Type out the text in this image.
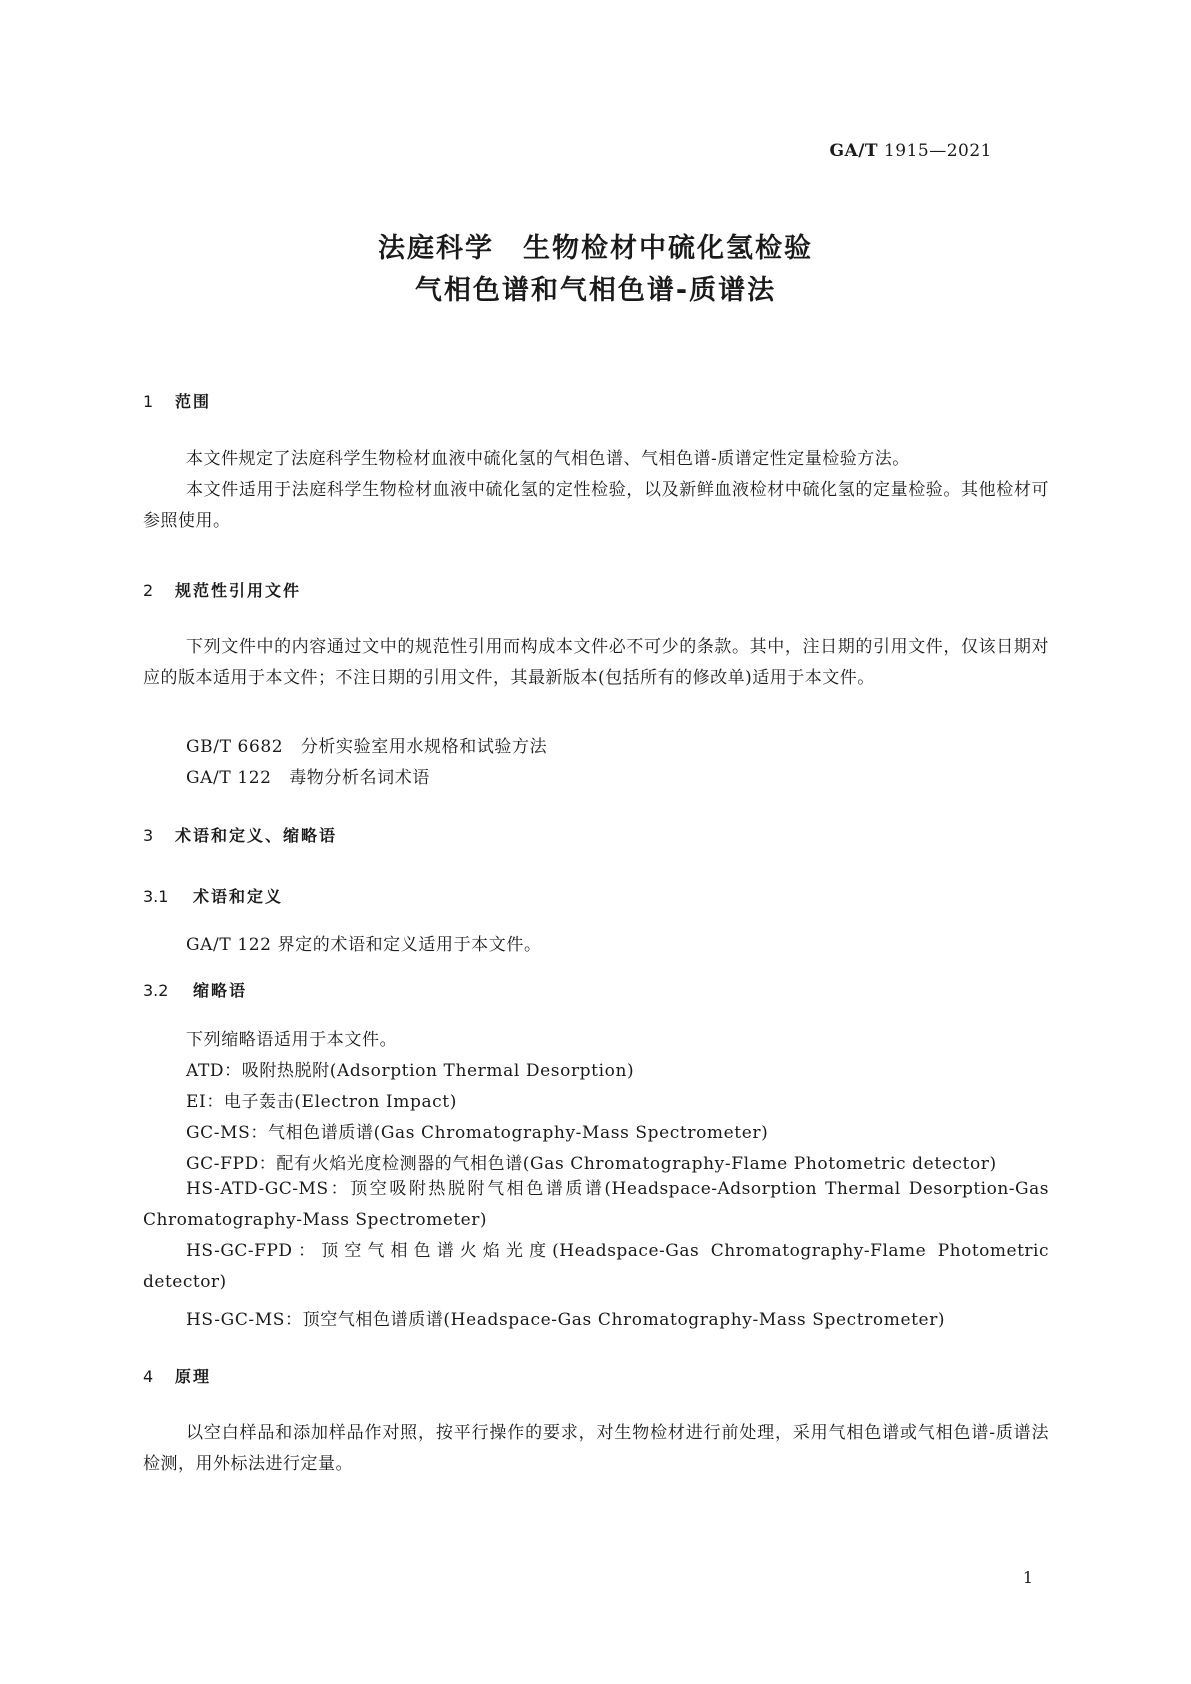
GA/T 1915—2021
法庭科学　生物检材中硫化氢检验
气相色谱和气相色谱-质谱法
1 范围
本文件规定了法庭科学生物检材血液中硫化氢的气相色谱、气相色谱-质谱定性定量检验方法。
本文件适用于法庭科学生物检材血液中硫化氢的定性检验，以及新鲜血液检材中硫化氢的定量检验。其他检材可参照使用。
2 规范性引用文件
下列文件中的内容通过文中的规范性引用而构成本文件必不可少的条款。其中，注日期的引用文件，仅该日期对应的版本适用于本文件；不注日期的引用文件，其最新版本(包括所有的修改单)适用于本文件。
GB/T 6682　 分析实验室用水规格和试验方法
GA/T 122　 毒物分析名词术语
3 术语和定义、缩略语
3.1 术语和定义
GA/T 122 界定的术语和定义适用于本文件。
3.2 缩略语
下列缩略语适用于本文件。
ATD：吸附热脱附(Adsorption Thermal Desorption)
EI：电子轰击(Electron Impact)
GC-MS：气相色谱质谱(Gas Chromatography-Mass Spectrometer)
GC-FPD：配有火焰光度检测器的气相色谱(Gas Chromatography-Flame Photometric detector)
HS-ATD-GC-MS：顶空吸附热脱附气相色谱质谱(Headspace-Adsorption Thermal Desorption-Gas Chromatography-Mass Spectrometer)
HS-GC-FPD：顶空气相色谱火焰光度(Headspace-Gas Chromatography-Flame Photometric detector)
HS-GC-MS：顶空气相色谱质谱(Headspace-Gas Chromatography-Mass Spectrometer)
4 原理
以空白样品和添加样品作对照，按平行操作的要求，对生物检材进行前处理，采用气相色谱或气相色谱-质谱法检测，用外标法进行定量。
1
